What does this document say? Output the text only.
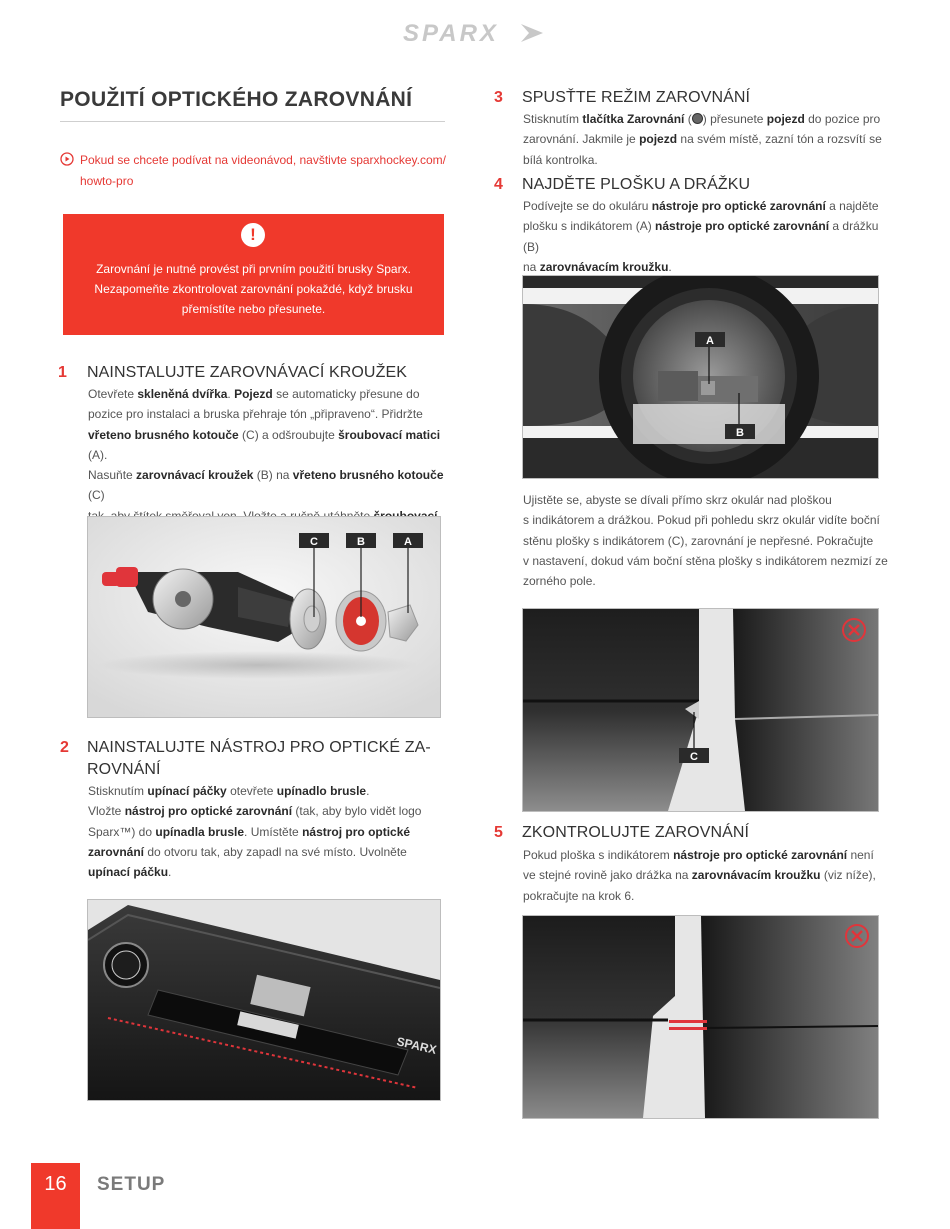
SPARX
POUŽITÍ OPTICKÉHO ZAROVNÁNÍ
Pokud se chcete podívat na videonávod, navštivte sparxhockey.com/
howto-pro
!
Zarovnání je nutné provést při prvním použití brusky Sparx.
Nezapomeňte zkontrolovat zarovnání pokaždé, když brusku
přemístíte nebo přesunete.
1 NAINSTALUJTE ZAROVNÁVACÍ KROUŽEK
Otevřete skleněná dvířka. Pojezd se automaticky přesune do
pozice pro instalaci a bruska přehraje tón „připraveno“. Přidržte
vřeteno brusného kotouče (C) a odšroubujte šroubovací matici (A).
Nasuňte zarovnávací kroužek (B) na vřeteno brusného kotouče (C)

C	B	A
2 NAINSTALUJTE NÁSTROJ PRO OPTICKÉ ZA-
ROVNÁNÍ
Stisknutím upínací páčky otevřete upínadlo brusle.
Vložte nástroj pro optické zarovnání (tak, aby bylo vidět logo
Sparx™) do upínadla brusle. Umístěte nástroj pro optické
zarovnání do otvoru tak, aby zapadl na své místo. Uvolněte
upínací páčku.
SPARX
3 SPUSŤTE REŽIM ZAROVNÁNÍ
Stisknutím tlačítka Zarovnání ( ) přesunete pojezd do pozice pro
zarovnání. Jakmile je pojezd na svém místě, zazní tón a rozsvítí se
bílá kontrolka.
4 NAJDĚTE PLOŠKU A DRÁŽKU
Podívejte se do okuláru nástroje pro optické zarovnání a najděte
plošku s indikátorem (A) nástroje pro optické zarovnání a drážku (B)
na zarovnávacím kroužku.
A
B
Ujistěte se, abyste se dívali přímo skrz okulár nad ploškou
s indikátorem a drážkou. Pokud při pohledu skrz okulár vidíte boční
stěnu plošky s indikátorem (C), zarovnání je nepřesné. Pokračujte
v nastavení, dokud vám boční stěna plošky s indikátorem nezmizí ze
zorného pole.
C
5 ZKONTROLUJTE ZAROVNÁNÍ
Pokud ploška s indikátorem nástroje pro optické zarovnání není
ve stejné rovině jako drážka na zarovnávacím kroužku (viz níže),
pokračujte na krok 6.
16	SETUP
